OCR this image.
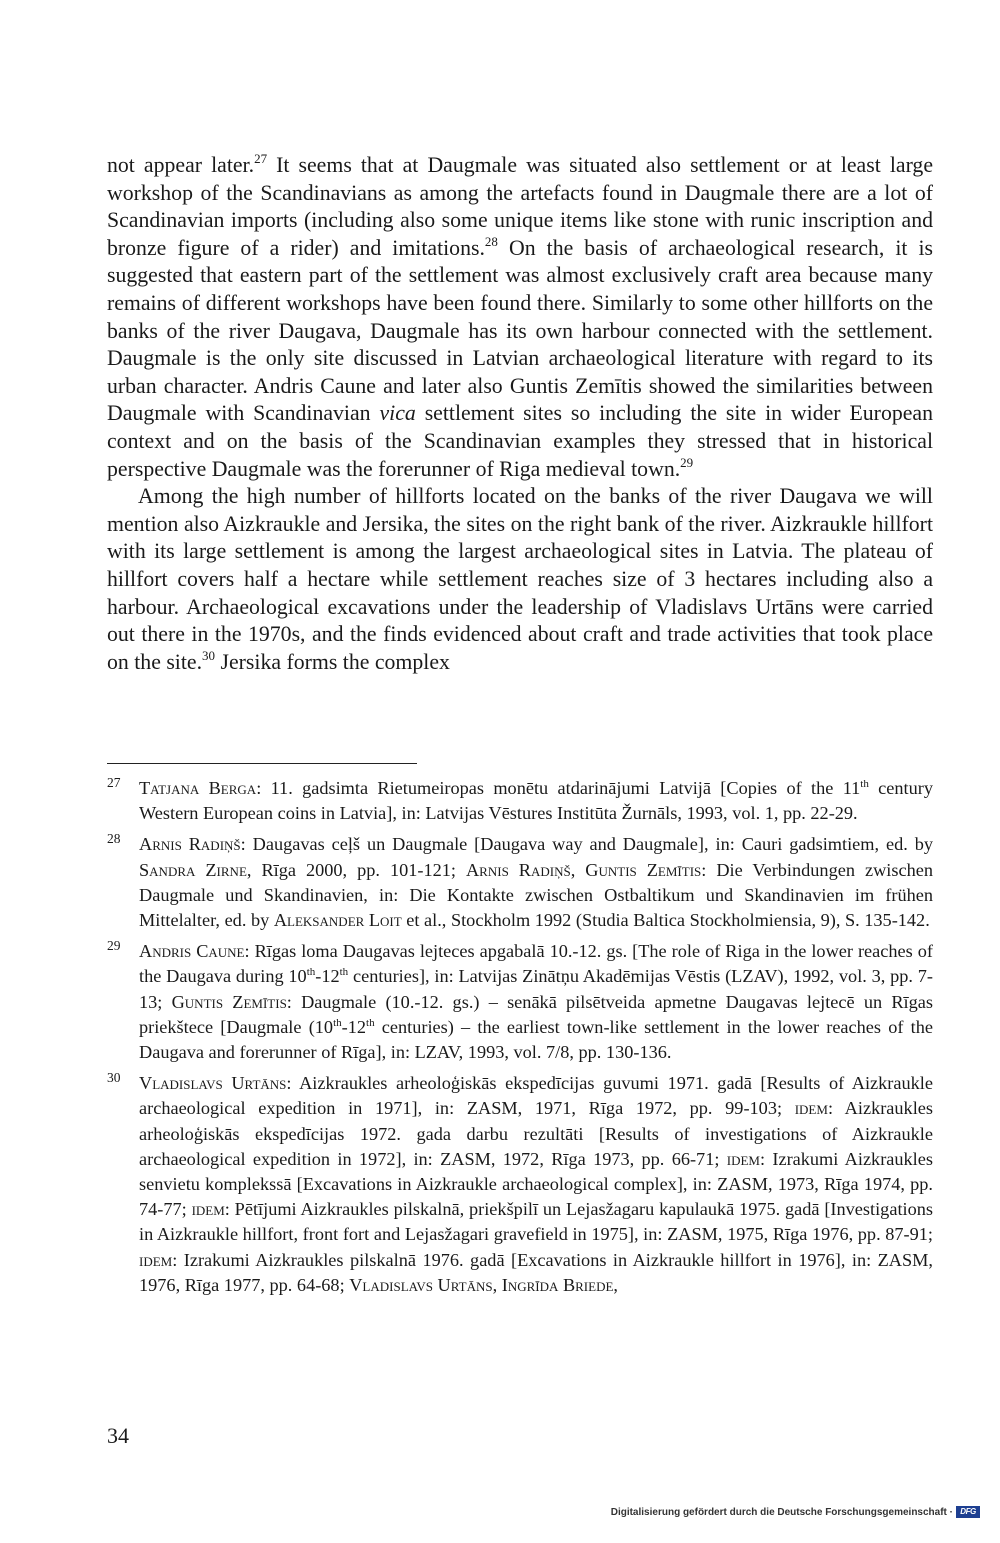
not appear later.$^{27}$ It seems that at Daugmale was situated also settlement or at least large workshop of the Scandinavians as among the artefacts found in Daugmale there are a lot of Scandinavian imports (including also some unique items like stone with runic inscription and bronze figure of a rider) and imitations.$^{28}$ On the basis of archaeological research, it is suggested that eastern part of the settlement was almost exclusively craft area because many remains of different workshops have been found there. Similarly to some other hillforts on the banks of the river Daugava, Daugmale has its own harbour connected with the settlement. Daugmale is the only site discussed in Latvian archaeological literature with regard to its urban character. Andris Caune and later also Guntis Zemītis showed the similarities between Daugmale with Scandinavian vica settlement sites so including the site in wider European context and on the basis of the Scandinavian examples they stressed that in historical perspective Daugmale was the forerunner of Riga medieval town.$^{29}$

Among the high number of hillforts located on the banks of the river Daugava we will mention also Aizkraukle and Jersika, the sites on the right bank of the river. Aizkraukle hillfort with its large settlement is among the largest archaeological sites in Latvia. The plateau of hillfort covers half a hectare while settlement reaches size of 3 hectares including also a harbour. Archaeological excavations under the leadership of Vladislavs Urtāns were carried out there in the 1970s, and the finds evidenced about craft and trade activities that took place on the site.$^{30}$ Jersika forms the complex

27 Tatjana Berga: 11. gadsimta Rietumeiropas monētu atdarinājumi Latvijā [Copies of the 11th century Western European coins in Latvia], in: Latvijas Vēstures Institūta Žurnāls, 1993, vol. 1, pp. 22-29.
28 Arnis Radiņš: Daugavas ceļš un Daugmale [Daugava way and Daugmale], in: Cauri gadsimtiem, ed. by Sandra Zirne, Rīga 2000, pp. 101-121; Arnis Radiņš, Guntis Zemītis: Die Verbindungen zwischen Daugmale und Skandinavien, in: Die Kontakte zwischen Ostbaltikum und Skandinavien im frühen Mittelalter, ed. by Aleksander Loit et al., Stockholm 1992 (Studia Baltica Stockholmiensia, 9), S. 135-142.
29 Andris Caune: Rīgas loma Daugavas lejteces apgabalā 10.-12. gs. [The role of Riga in the lower reaches of the Daugava during 10th-12th centuries], in: Latvijas Zinātņu Akadēmijas Vēstis (LZAV), 1992, vol. 3, pp. 7-13; Guntis Zemītis: Daugmale (10.-12. gs.) – senākā pilsētveida apmetne Daugavas lejtecē un Rīgas priekštece [Daugmale (10th-12th centuries) – the earliest town-like settlement in the lower reaches of the Daugava and forerunner of Rīga], in: LZAV, 1993, vol. 7/8, pp. 130-136.
30 Vladislavs Urtāns: Aizkraukles arheoloģiskās ekspedīcijas guvumi 1971. gadā [Results of Aizkraukle archaeological expedition in 1971], in: ZASM, 1971, Rīga 1972, pp. 99-103; idem: Aizkraukles arheoloģiskās ekspedīcijas 1972. gada darbu rezultāti [Results of investigations of Aizkraukle archaeological expedition in 1972], in: ZASM, 1972, Rīga 1973, pp. 66-71; idem: Izrakumi Aizkraukles senvietu komplekssā [Excavations in Aizkraukle archaeological complex], in: ZASM, 1973, Rīga 1974, pp. 74-77; idem: Pētījumi Aizkraukles pilskalnā, priekšpilī un Lejasžagaru kapulaukā 1975. gadā [Investigations in Aizkraukle hillfort, front fort and Lejasžagari gravefield in 1975], in: ZASM, 1975, Rīga 1976, pp. 87-91; idem: Izrakumi Aizkraukles pilskalnā 1976. gadā [Excavations in Aizkraukle hillfort in 1976], in: ZASM, 1976, Rīga 1977, pp. 64-68; Vladislavs Urtāns, Ingrīda Briede,
34
Digitalisierung gefördert durch die Deutsche Forschungsgemeinschaft · DFG
